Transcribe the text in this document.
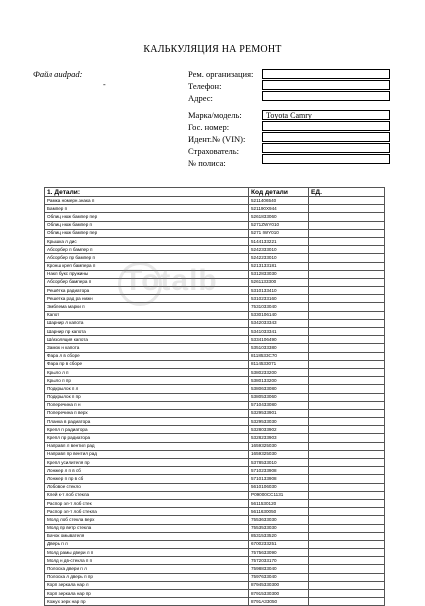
КАЛЬКУЛЯЦИЯ НА РЕМОНТ
Файл audpad:
-
Рем. организация:
Телефон:
Адрес:
Марка/модель:	Toyota Camry
Гос. номер:
Идент.№ (VIN):
Страхователь:
№ полиса:
1. Детали:	Код детали	ЕД.
Рамка номерн.знака п	5211406540	
Бампер п	521190X944	
Облиц нюж бампер пер	5261833060	
Облиц нюж бампер п	5271ZWY010	
Облиц нюж бампер пер	5271 IWY010	
Крышка л дис	5144133221	
Абсорбер п бампер п	5242333010	
Абсорбер пр бампер п	5242233010	
Кронш креп бампера п	5213133181	
Накл букс пружины	5312833030	
Абсорбер бампера п	5261133300	
Решётка радиатора	5310133410	
Решетка рад ра нижн	5310233160	
Эмблема марки п	7531033040	
Капот	5330106140	
Шарнир л капота	5342033343	
Шарнир пр капота	5341033341	
Ш/изоляция капота	5334106490	
Замок н капота	5351033380	
Фара л в сборе	8118533C70	
Фара пр в сборе	8114533071	
Крыло л п	5380233200	
Крыло п пр	5380133200	
Подкрылок п л	5380633080	
Подкрылок п пр	5380533060	
Поперечина п н	5710433080	
Поперечина п верх	5329533901	
Планка в радиатора	5329533030	
Крепл п радиатора	5328033902	
Крепл пр радиатора	5328233903	
Направл л вентил рад	1659325030	
Направл пр вентил рад	1659325030	
Крепл усилителя пр	5378533010	
Лонжер л п в сб	5710233908	
Лонжер п пр в сб	5710133908	
Лобовое стекло	5610106030	
Клей к-т лоб стекла	P09000CC1131	
Распор эл-т лоб стек	5611530120	
Распор эл-т лоб стекла	5611630050	
Молд лоб стекла верх	7553633030	
Молд пр ветр стекла	7553533030	
Бачок омывателя	8531533520	
Дверь п л	6700233251	
Молд рамы двери л п	7575633090	
Молд н дв-стекла п п	7572033170	
Полоска двери п л	7598833040	
Полоска л дверь п пр	7597633040	
Корп зеркала нар л	87945330300	
Корп зеркала нар пр	87915330300	
Кожух зерк нар пр	8791A33050	
Totalb
